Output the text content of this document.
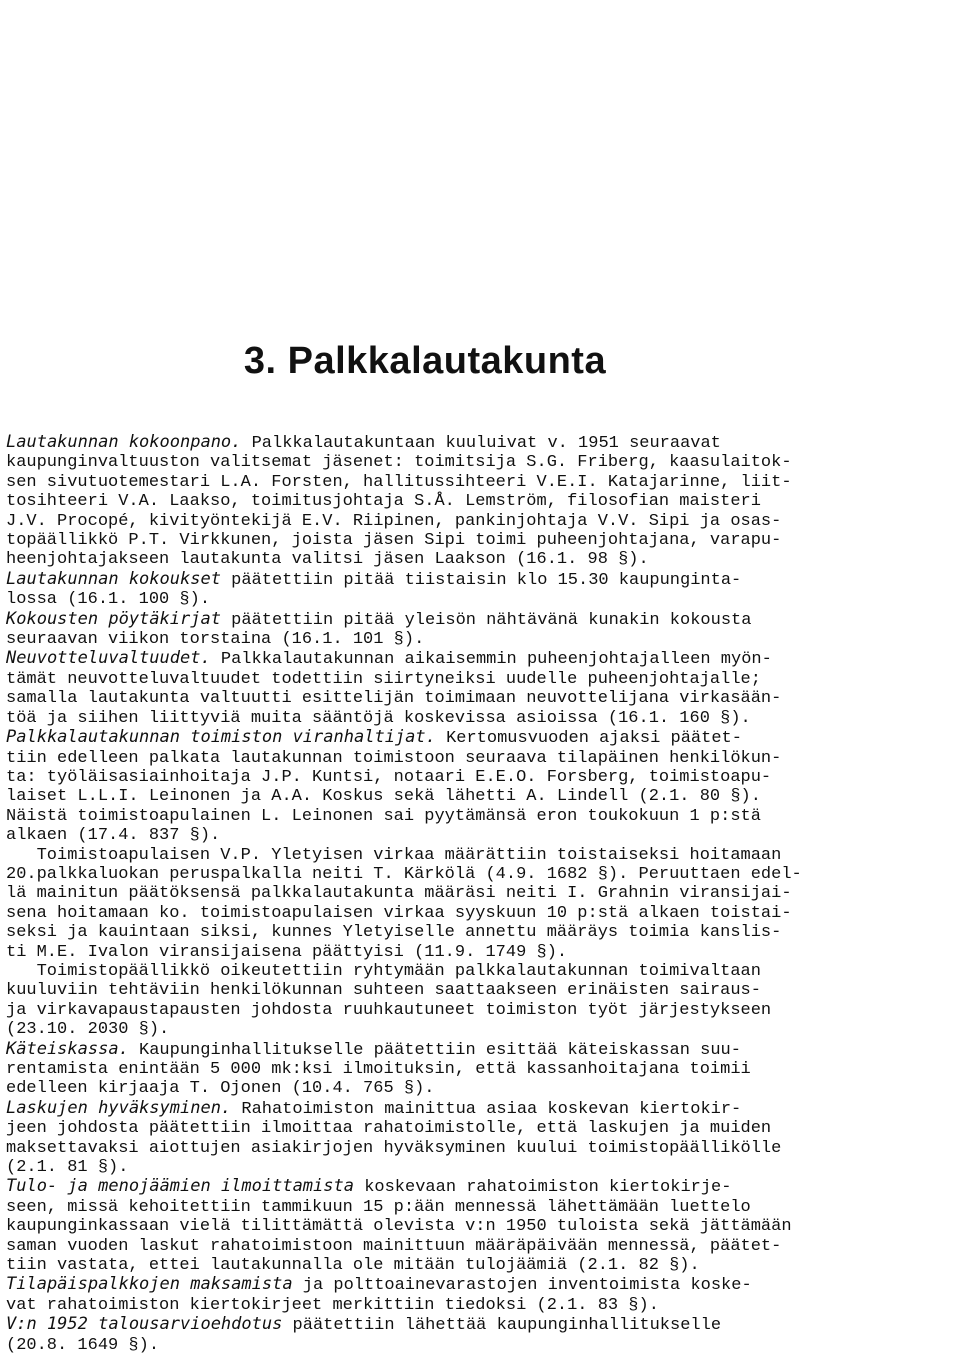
3. Palkkalautakunta
Lautakunnan kokoonpano. Palkkalautakuntaan kuuluivat v. 1951 seuraavat
kaupunginvaltuuston valitsemat jäsenet: toimitsija S.G. Friberg, kaasulaitok-
sen sivutuotemestari L.A. Forsten, hallitussihteeri V.E.I. Katajarinne, liit-
tosihteeri V.A. Laakso, toimitusjohtaja S.Å. Lemström, filosofian maisteri
J.V. Procopé, kivityöntekijä E.V. Riipinen, pankinjohtaja V.V. Sipi ja osas-
topäällikkö P.T. Virkkunen, joista jäsen Sipi toimi puheenjohtajana, varapu-
heenjohtajakseen lautakunta valitsi jäsen Laakson (16.1. 98 §).
Lautakunnan kokoukset päätettiin pitää tiistaisin klo 15.30 kaupunginta-
lossa (16.1. 100 §).
Kokousten pöytäkirjat päätettiin pitää yleisön nähtävänä kunakin kokousta
seuraavan viikon torstaina (16.1. 101 §).
Neuvotteluvaltuudet. Palkkalautakunnan aikaisemmin puheenjohtajalleen myön-
tämät neuvotteluvaltuudet todettiin siirtyneiksi uudelle puheenjohtajalle;
samalla lautakunta valtuutti esittelijän toimimaan neuvottelijana virkasään-
töä ja siihen liittyviä muita sääntöjä koskevissa asioissa (16.1. 160 §).
Palkkalautakunnan toimiston viranhaltijat. Kertomusvuoden ajaksi päätet-
tiin edelleen palkata lautakunnan toimistoon seuraava tilapäinen henkilökun-
ta: työläisasiainhoitaja J.P. Kuntsi, notaari E.E.O. Forsberg, toimistoapu-
laiset L.L.I. Leinonen ja A.A. Koskus sekä lähetti A. Lindell (2.1. 80 §).
Näistä toimistoapulainen L. Leinonen sai pyytämänsä eron toukokuun 1 p:stä
alkaen (17.4. 837 §).
Toimistoapulaisen V.P. Yletyisen virkaa määrättiin toistaiseksi hoitamaan
20.palkkaluokan peruspalkalla neiti T. Kärkölä (4.9. 1682 §). Peruuttaen edel-
lä mainitun päätöksensä palkkalautakunta määräsi neiti I. Grahnin viransijai-
sena hoitamaan ko. toimistoapulaisen virkaa syyskuun 10 p:stä alkaen toistai-
seksi ja kauintaan siksi, kunnes Yletyiselle annettu määräys toimia kanslis-
ti M.E. Ivalon viransijaisena päättyisi (11.9. 1749 §).
Toimistopäällikkö oikeutettiin ryhtymään palkkalautakunnan toimivaltaan
kuuluviin tehtäviin henkilökunnan suhteen saattaakseen erinäisten sairaus-
ja virkavapaustapausten johdosta ruuhkautuneet toimiston työt järjestykseen
(23.10. 2030 §).
Käteiskassa. Kaupunginhallitukselle päätettiin esittää käteiskassan suu-
rentamista enintään 5 000 mk:ksi ilmoituksin, että kassanhoitajana toimii
edelleen kirjaaja T. Ojonen (10.4. 765 §).
Laskujen hyväksyminen. Rahatoimiston mainittua asiaa koskevan kiertokir-
jeen johdosta päätettiin ilmoittaa rahatoimistolle, että laskujen ja muiden
maksettavaksi aiottujen asiakirjojen hyväksyminen kuului toimistopäällikölle
(2.1. 81 §).
Tulo- ja menojäämien ilmoittamista koskevaan rahatoimiston kiertokirje-
seen, missä kehoitettiin tammikuun 15 p:ään mennessä lähettämään luettelo
kaupunginkassaan vielä tilittämättä olevista v:n 1950 tuloista sekä jättämään
saman vuoden laskut rahatoimistoon mainittuun määräpäivään mennessä, päätet-
tiin vastata, ettei lautakunnalla ole mitään tulojäämiä (2.1. 82 §).
Tilapäispalkkojen maksamista ja polttoainevarastojen inventoimista koske-
vat rahatoimiston kiertokirjeet merkittiin tiedoksi (2.1. 83 §).
V:n 1952 talousarvioehdotus päätettiin lähettää kaupunginhallitukselle
(20.8. 1649 §).
